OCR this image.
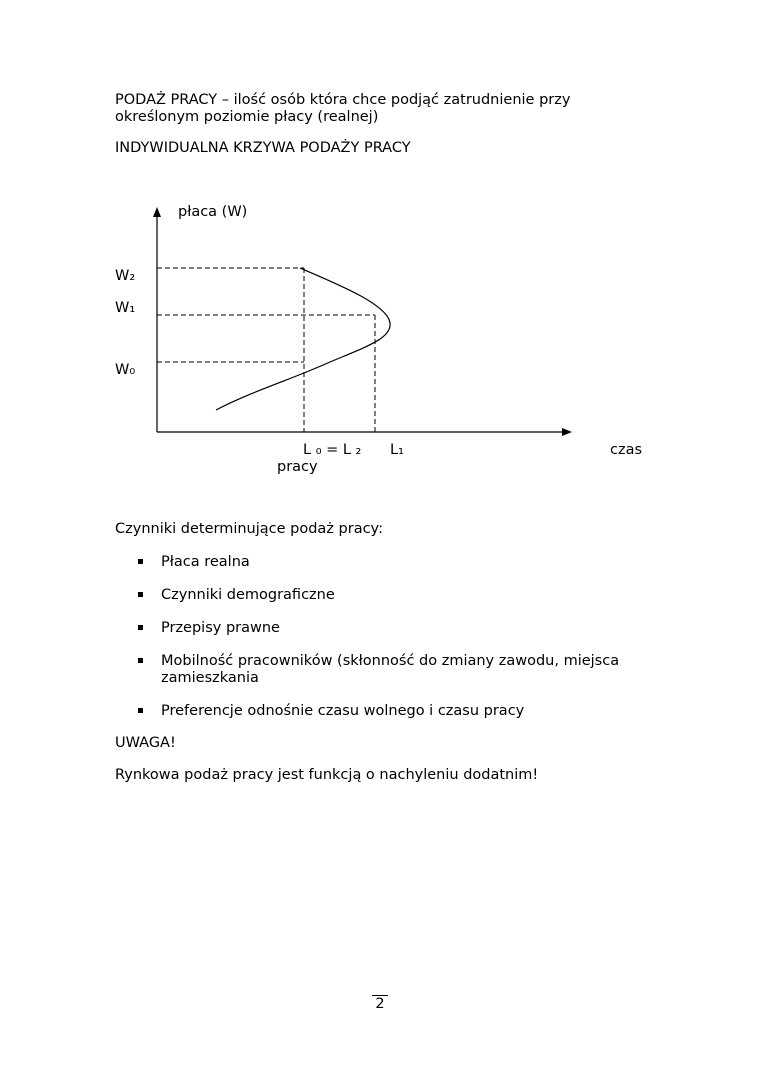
PODAŻ PRACY – ilość osób która chce podjąć zatrudnienie przy określonym poziomie płacy (realnej)
INDYWIDUALNA KRZYWA PODAŻY PRACY
płaca (W)
W₂
W₁
W₀
L ₀ = L ₂ L₁	czas
pracy
Czynniki determinujące podaż pracy:
Płaca realna
Czynniki demograficzne
Przepisy prawne
Mobilność pracowników (skłonność do zmiany zawodu, miejsca zamieszkania
Preferencje odnośnie czasu wolnego i czasu pracy
UWAGA!
Rynkowa podaż pracy jest funkcją o nachyleniu dodatnim!
2
